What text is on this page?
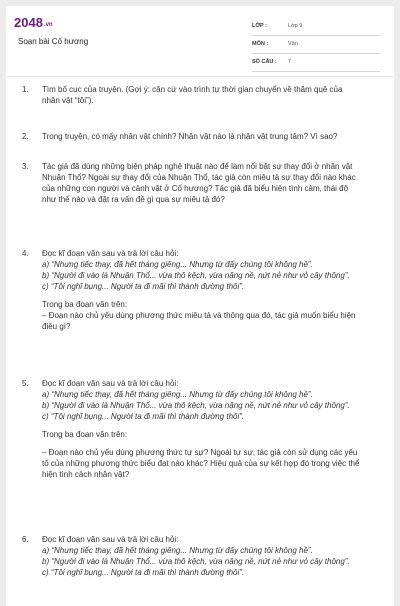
2048.vn
Soạn bài Cố hương
LỚP :	Lớp 9
MÔN :	Văn
SỐ CÂU : 7
1. Tìm bố cục của truyện. (Gợi ý: căn cứ vào trình tự thời gian chuyển về thăm quê của nhân vật “tôi”).

2. Trong truyện, có mấy nhân vật chính? Nhân vật nào là nhân vật trung tâm? Vì sao?

3. Tác giả đã dùng những biện pháp nghệ thuật nào để làm nổi bật sự thay đổi ở nhân vật Nhuận Thổ? Ngoài sự thay đổi của Nhuận Thổ, tác giả còn miêu tả sự thay đổi nào khác của những con người và cảnh vật ở Cố hương? Tác giả đã biểu hiện tình cảm, thái độ như thế nào và đặt ra vấn đề gì qua sự miêu tả đó?

4. Đọc kĩ đoạn văn sau và trả lời câu hỏi:

a) “Nhưng tiếc thay, đã hết tháng giêng... Nhưng từ đấy chúng tôi không hề”.

b) “Người đi vào là Nhuận Thổ... vừa thô kệch, vừa nặng nề, nứt nẻ như vỏ cây thông”.

c) “Tôi nghĩ bụng... Người ta đi mãi thì thành đường thôi”.

Trong ba đoạn văn trên:

– Đoạn nào chủ yếu dùng phương thức miêu tả và thông qua đó, tác giả muốn biểu hiện điều gì?

5. Đọc kĩ đoạn văn sau và trả lời câu hỏi:

a) “Nhưng tiếc thay, đã hết tháng giêng... Nhưng từ đấy chúng tôi không hề”.

b) “Người đi vào là Nhuận Thổ... vừa thô kệch, vừa nặng nề, nứt nẻ như vỏ cây thông”.

c) “Tôi nghĩ bụng... Người ta đi mãi thì thành đường thôi”.

Trong ba đoạn văn trên:

– Đoạn nào chủ yếu dùng phương thức tự sự? Ngoài tự sự, tác giả còn sử dụng các yếu tố của những phương thức biểu đạt nào khác? Hiệu quả của sự kết hợp đó trong việc thể hiện tình cảch nhân vật?

6. Đọc kĩ đoạn văn sau và trả lời câu hỏi:

a) “Nhưng tiếc thay, đã hết tháng giêng... Nhưng từ đấy chúng tôi không hề”.

b) “Người đi vào là Nhuận Thổ... vừa thô kệch, vừa nặng nề, nứt nẻ như vỏ cây thông”.

c) “Tôi nghĩ bụng... Người ta đi mãi thì thành đường thôi”.
